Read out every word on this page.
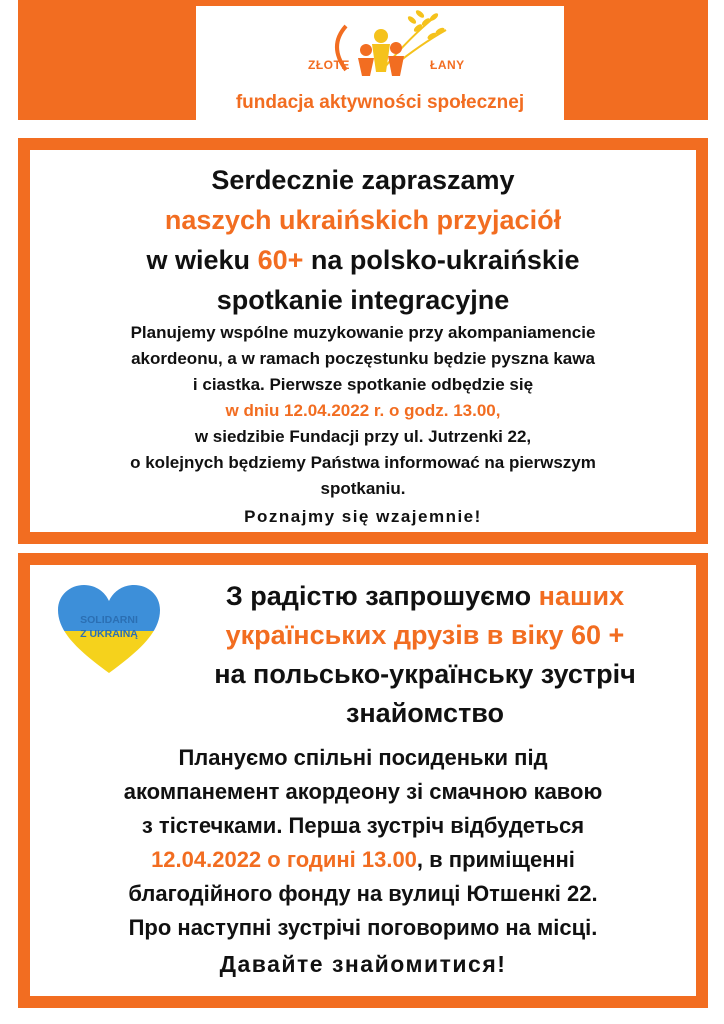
ZŁOTE	ŁANY
fundacja aktywności społecznej
Serdecznie zapraszamy
naszych ukraińskich przyjaciół
w wieku 60+ na polsko-ukraińskie
spotkanie integracyjne
Planujemy wspólne muzykowanie przy akompaniamencie
akordeonu, a w ramach poczęstunku będzie pyszna kawa
i ciastka. Pierwsze spotkanie odbędzie się
w dniu 12.04.2022 r. o godz. 13.00,
w siedzibie Fundacji przy ul. Jutrzenki 22,
o kolejnych będziemy Państwa informować na pierwszym
spotkaniu.
Poznajmy się wzajemnie!
SOLIDARNI
Z UKRAINĄ
З радістю запрошуємо наших
українських друзів в віку 60 +
на польсько-українську зустріч
знайомство
Плануємо спільні посиденьки під
акомпанемент акордеону зі смачною кавою
з тістечками. Перша зустріч відбудеться
12.04.2022 о годині 13.00, в приміщенні
благодійного фонду на вулиці Ютшенкі 22.
Про наступні зустрічі поговоримо на місці.
Давайте знайомитися!
